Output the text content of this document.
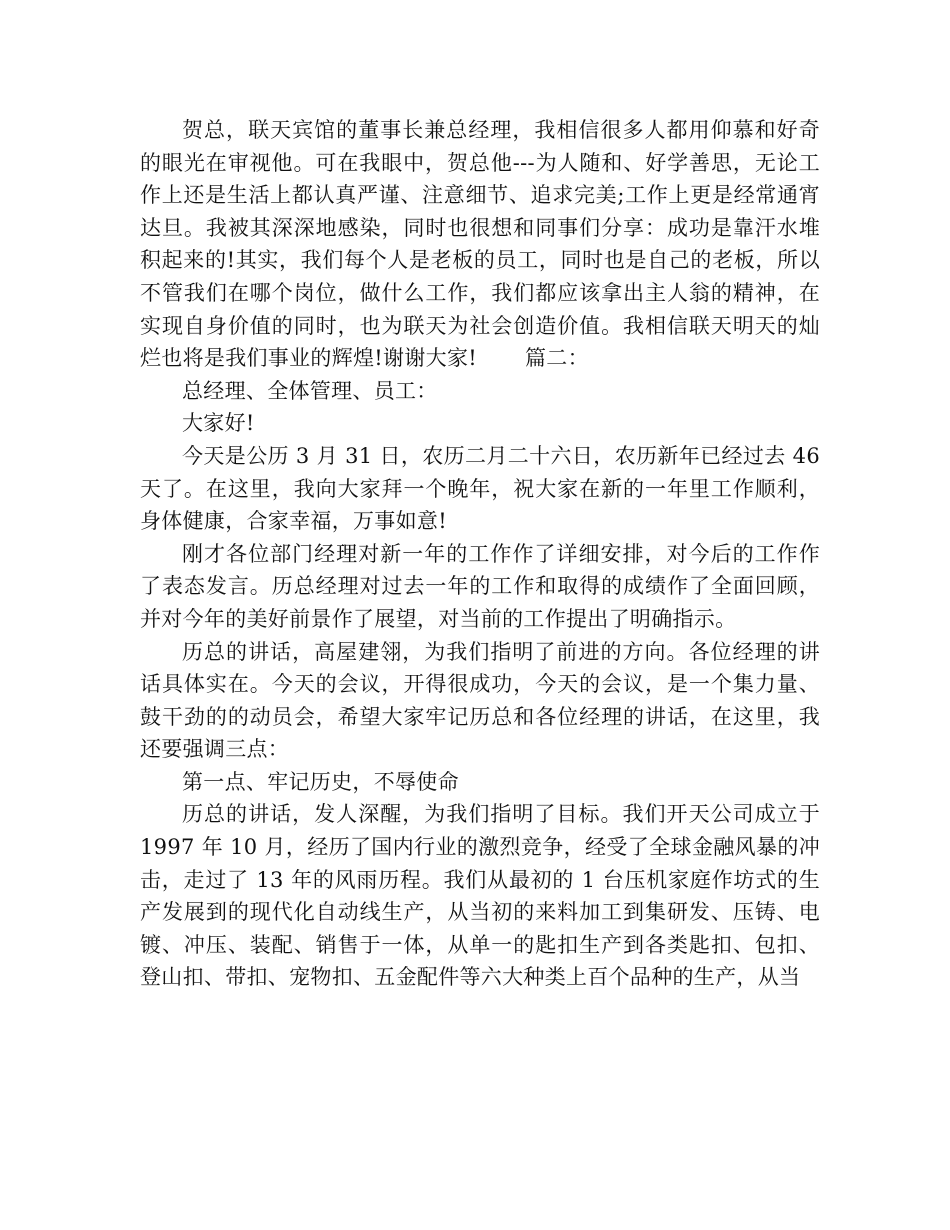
贺总，联天宾馆的董事长兼总经理，我相信很多人都用仰慕和好奇的眼光在审视他。可在我眼中，贺总他---为人随和、好学善思，无论工作上还是生活上都认真严谨、注意细节、追求完美;工作上更是经常通宵达旦。我被其深深地感染，同时也很想和同事们分享：成功是靠汗水堆积起来的!其实，我们每个人是老板的员工，同时也是自己的老板，所以不管我们在哪个岗位，做什么工作，我们都应该拿出主人翁的精神，在实现自身价值的同时，也为联天为社会创造价值。我相信联天明天的灿烂也将是我们事业的辉煌!谢谢大家! 篇二：

总经理、全体管理、员工：

大家好!

今天是公历 3 月 31 日，农历二月二十六日，农历新年已经过去 46 天了。在这里，我向大家拜一个晚年，祝大家在新的一年里工作顺利，身体健康，合家幸福，万事如意!

刚才各位部门经理对新一年的工作作了详细安排，对今后的工作作了表态发言。历总经理对过去一年的工作和取得的成绩作了全面回顾，并对今年的美好前景作了展望，对当前的工作提出了明确指示。

历总的讲话，高屋建翎，为我们指明了前进的方向。各位经理的讲话具体实在。今天的会议，开得很成功，今天的会议，是一个集力量、鼓干劲的的动员会，希望大家牢记历总和各位经理的讲话，在这里，我还要强调三点：

第一点、牢记历史，不辱使命

历总的讲话，发人深醒，为我们指明了目标。我们开天公司成立于 1997 年 10 月，经历了国内行业的激烈竞争，经受了全球金融风暴的冲击，走过了 13 年的风雨历程。我们从最初的 1 台压机家庭作坊式的生产发展到的现代化自动线生产，从当初的来料加工到集研发、压铸、电镀、冲压、装配、销售于一体，从单一的匙扣生产到各类匙扣、包扣、登山扣、带扣、宠物扣、五金配件等六大种类上百个品种的生产，从当
